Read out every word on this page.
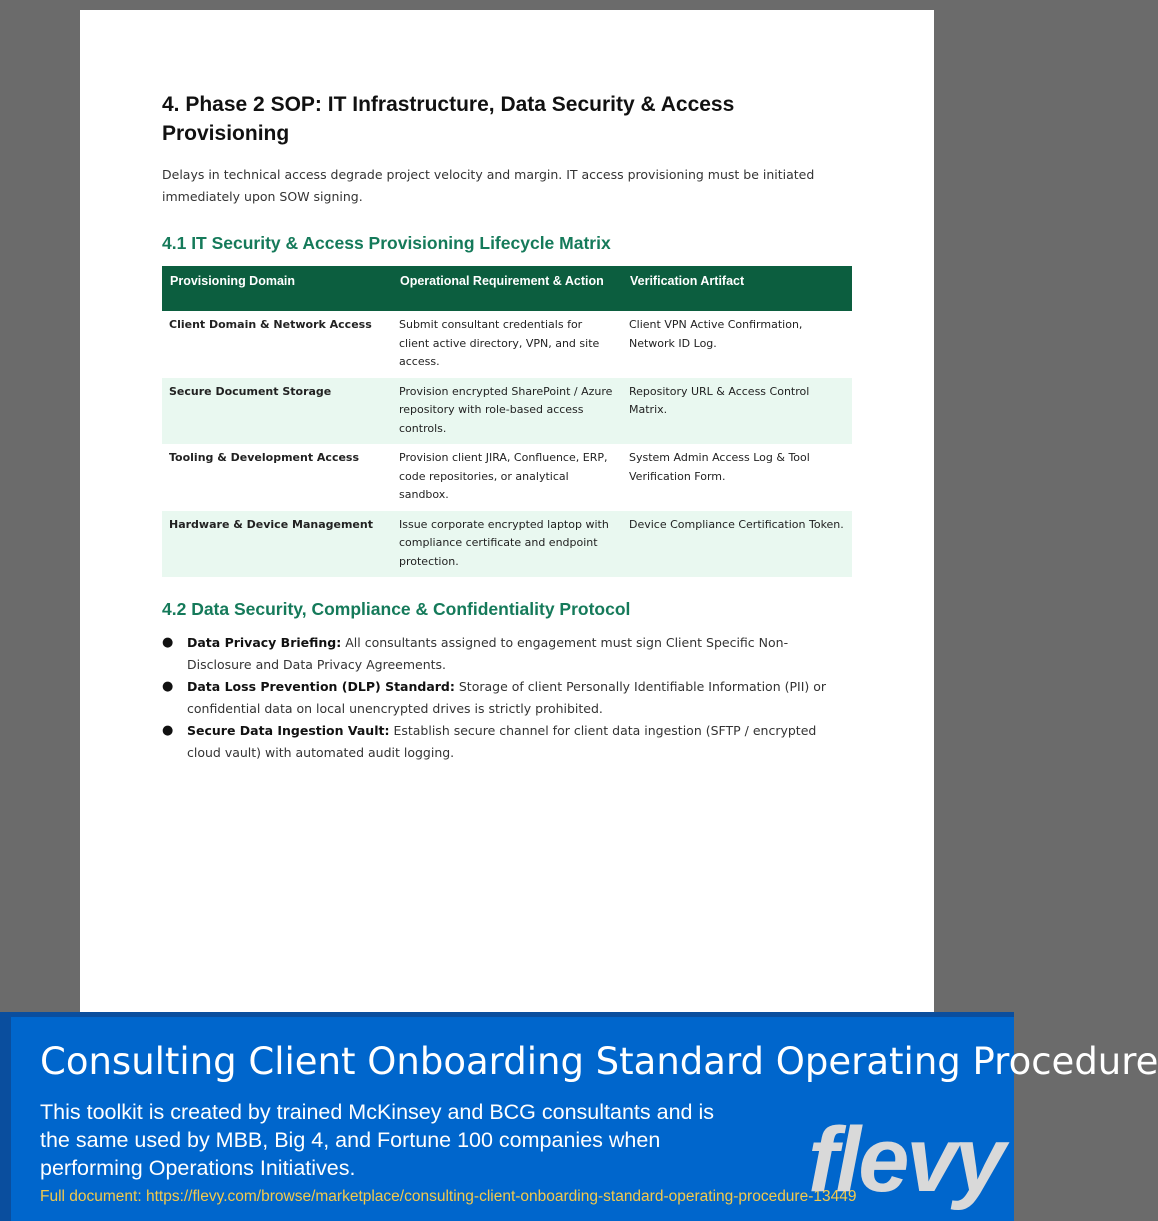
4. Phase 2 SOP: IT Infrastructure, Data Security & Access Provisioning

Delays in technical access degrade project velocity and margin. IT access provisioning must be initiated immediately upon SOW signing.

4.1 IT Security & Access Provisioning Lifecycle Matrix
Provisioning Domain	Operational Requirement & Action	Verification Artifact
Client Domain & Network Access	Submit consultant credentials for client active directory, VPN, and site access.	Client VPN Active Confirmation, Network ID Log.
Secure Document Storage	Provision encrypted SharePoint / Azure repository with role-based access controls.	Repository URL & Access Control Matrix.
Tooling & Development Access	Provision client JIRA, Confluence, ERP, code repositories, or analytical sandbox.	System Admin Access Log & Tool Verification Form.
Hardware & Device Management	Issue corporate encrypted laptop with compliance certificate and endpoint protection.	Device Compliance Certification Token.
4.2 Data Security, Compliance & Confidentiality Protocol
● Data Privacy Briefing: All consultants assigned to engagement must sign Client Specific Non-Disclosure and Data Privacy Agreements.
● Data Loss Prevention (DLP) Standard: Storage of client Personally Identifiable Information (PII) or confidential data on local unencrypted drives is strictly prohibited.
● Secure Data Ingestion Vault: Establish secure channel for client data ingestion (SFTP / encrypted cloud vault) with automated audit logging.
Consulting Client Onboarding Standard Operating Procedure
This toolkit is created by trained McKinsey and BCG consultants and is the same used by MBB, Big 4, and Fortune 100 companies when performing Operations Initiatives.
Full document: https://flevy.com/browse/marketplace/consulting-client-onboarding-standard-operating-procedure-13449
flevy
